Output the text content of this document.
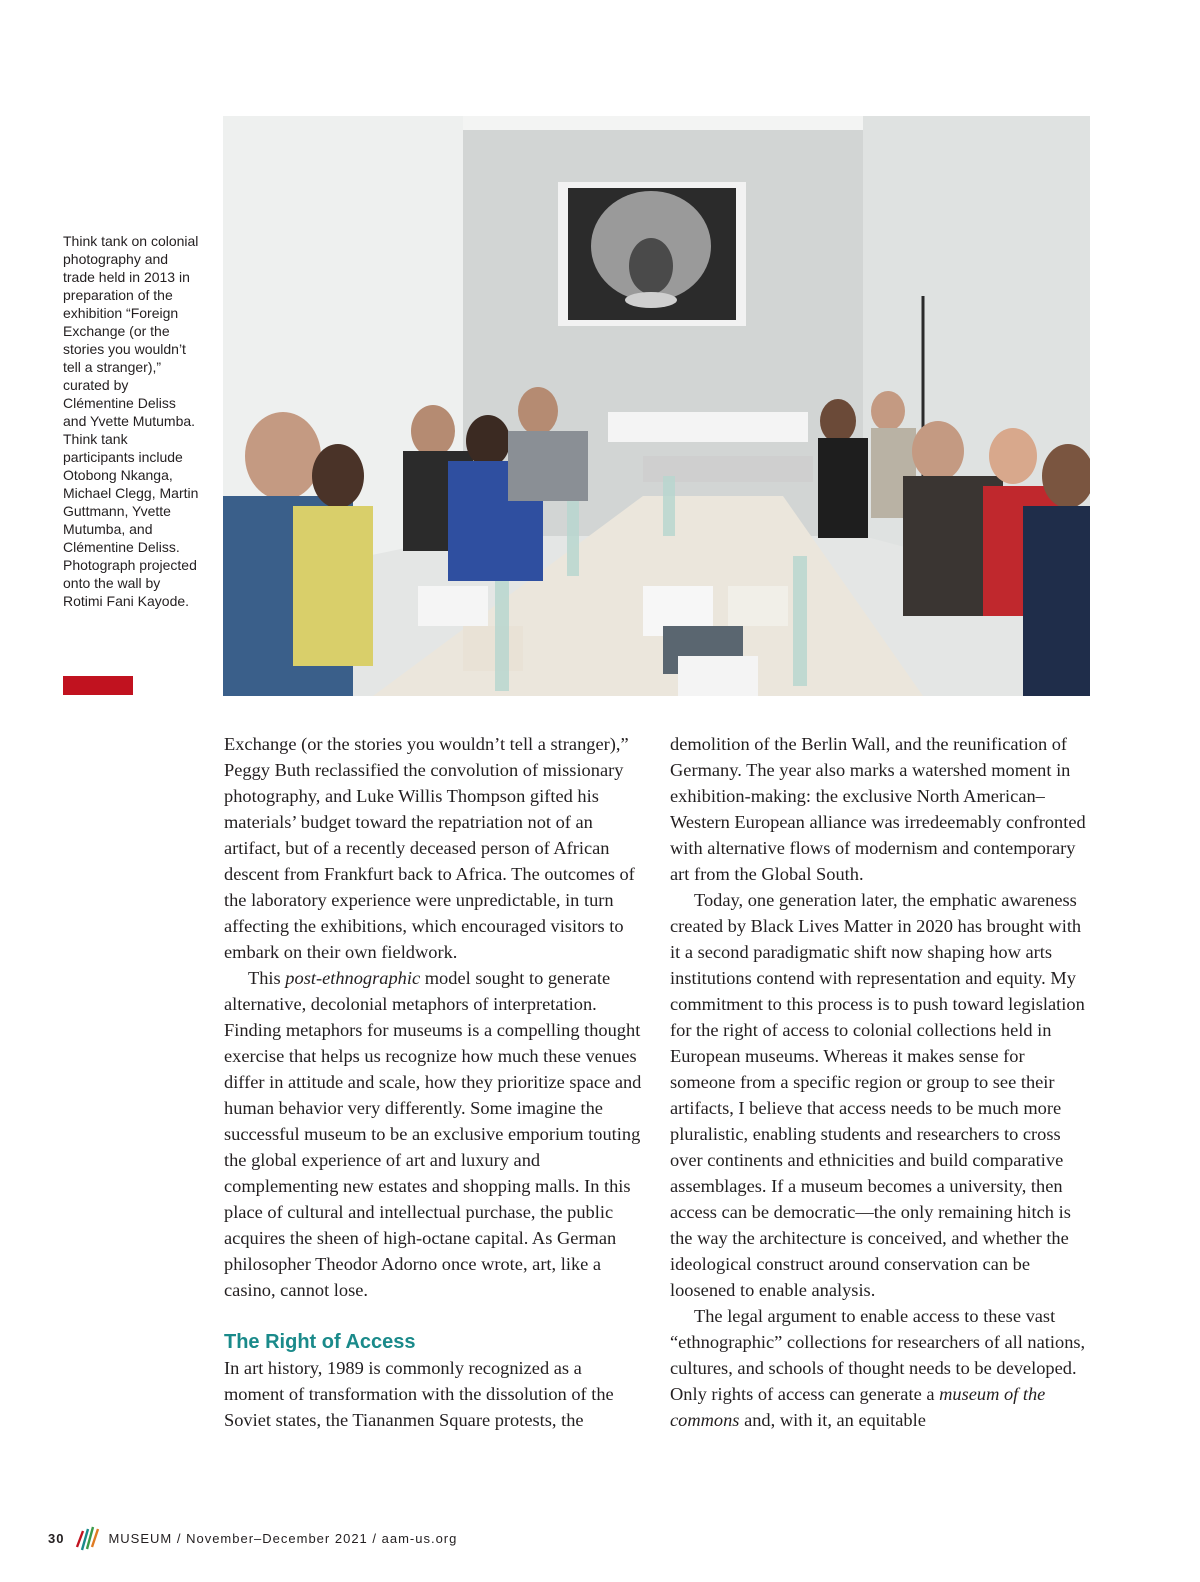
Think tank on colonial photography and trade held in 2013 in preparation of the exhibition “Foreign Exchange (or the stories you wouldn’t tell a stranger),” curated by Clémentine Deliss and Yvette Mutumba. Think tank participants include Otobong Nkanga, Michael Clegg, Martin Guttmann, Yvette Mutumba, and Clémentine Deliss. Photograph projected onto the wall by Rotimi Fani Kayode.

Exchange (or the stories you wouldn’t tell a stranger),” Peggy Buth reclassified the convolution of missionary photography, and Luke Willis Thompson gifted his materials’ budget toward the repatriation not of an artifact, but of a recently deceased person of African descent from Frankfurt back to Africa. The outcomes of the laboratory experience were unpredictable, in turn affecting the exhibitions, which encouraged visitors to embark on their own fieldwork.

This post-ethnographic model sought to generate alternative, decolonial metaphors of interpretation. Finding metaphors for museums is a compelling thought exercise that helps us recognize how much these venues differ in attitude and scale, how they prioritize space and human behavior very differently. Some imagine the successful museum to be an exclusive emporium touting the global experience of art and luxury and complementing new estates and shopping malls. In this place of cultural and intellectual purchase, the public acquires the sheen of high-octane capital. As German philosopher Theodor Adorno once wrote, art, like a casino, cannot lose.

The Right of Access

In art history, 1989 is commonly recognized as a moment of transformation with the dissolution of the Soviet states, the Tiananmen Square protests, the

demolition of the Berlin Wall, and the reunification of Germany. The year also marks a watershed moment in exhibition-making: the exclusive North American–Western European alliance was irredeemably confronted with alternative flows of modernism and contemporary art from the Global South.

Today, one generation later, the emphatic awareness created by Black Lives Matter in 2020 has brought with it a second paradigmatic shift now shaping how arts institutions contend with representation and equity. My commitment to this process is to push toward legislation for the right of access to colonial collections held in European museums. Whereas it makes sense for someone from a specific region or group to see their artifacts, I believe that access needs to be much more pluralistic, enabling students and researchers to cross over continents and ethnicities and build comparative assemblages. If a museum becomes a university, then access can be democratic—the only remaining hitch is the way the architecture is conceived, and whether the ideological construct around conservation can be loosened to enable analysis.

The legal argument to enable access to these vast “ethnographic” collections for researchers of all nations, cultures, and schools of thought needs to be developed. Only rights of access can generate a museum of the commons and, with it, an equitable

30	MUSEUM / November–December 2021 / aam-us.org
